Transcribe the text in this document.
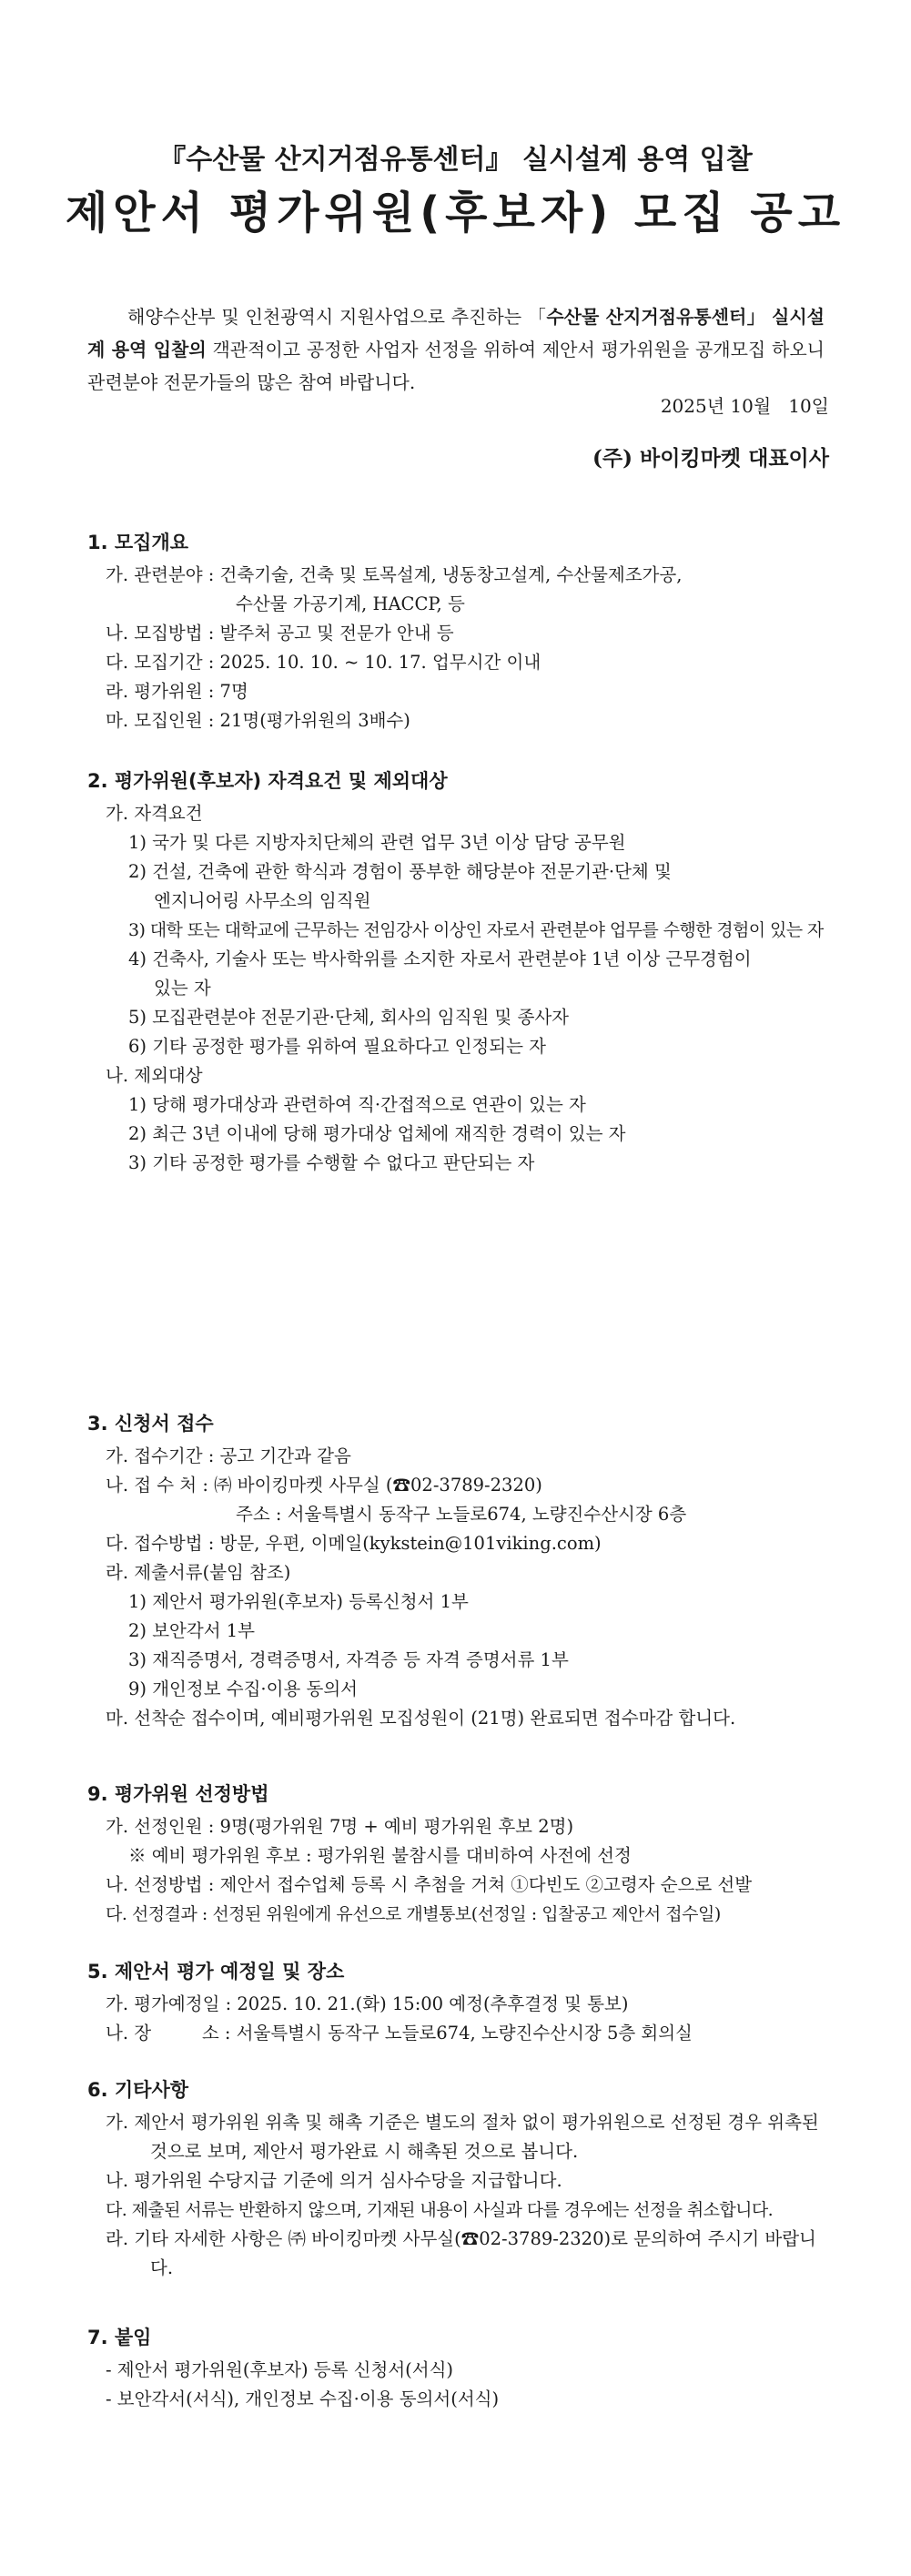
『수산물 산지거점유통센터』 실시설계 용역 입찰
제안서 평가위원(후보자) 모집 공고
해양수산부 및 인천광역시 지원사업으로 추진하는 「수산물 산지거점유통센터」 실시설계 용역 입찰의 객관적이고 공정한 사업자 선정을 위하여 제안서 평가위원을 공개모집 하오니 관련분야 전문가들의 많은 참여 바랍니다.
2025년 10월   10일
(주) 바이킹마켓 대표이사
1. 모집개요
가. 관련분야 : 건축기술, 건축 및 토목설계, 냉동창고설계, 수산물제조가공,
수산물 가공기계, HACCP, 등
나. 모집방법 : 발주처 공고 및 전문가 안내 등
다. 모집기간 : 2025. 10. 10. ~ 10. 17. 업무시간 이내
라. 평가위원 : 7명
마. 모집인원 : 21명(평가위원의 3배수)
2. 평가위원(후보자) 자격요건 및 제외대상
가. 자격요건
1) 국가 및 다른 지방자치단체의 관련 업무 3년 이상 담당 공무원
2) 건설, 건축에 관한 학식과 경험이 풍부한 해당분야 전문기관·단체 및
엔지니어링 사무소의 임직원
3) 대학 또는 대학교에 근무하는 전임강사 이상인 자로서 관련분야 업무를 수행한 경험이 있는 자
4) 건축사, 기술사 또는 박사학위를 소지한 자로서 관련분야 1년 이상 근무경험이
있는 자
5) 모집관련분야 전문기관·단체, 회사의 임직원 및 종사자
6) 기타 공정한 평가를 위하여 필요하다고 인정되는 자
나. 제외대상
1) 당해 평가대상과 관련하여 직·간접적으로 연관이 있는 자
2) 최근 3년 이내에 당해 평가대상 업체에 재직한 경력이 있는 자
3) 기타 공정한 평가를 수행할 수 없다고 판단되는 자
3. 신청서 접수
가. 접수기간 : 공고 기간과 같음
나. 접 수 처 : ㈜ 바이킹마켓 사무실 (☎02-3789-2320)
주소 : 서울특별시 동작구 노들로674, 노량진수산시장 6층
다. 접수방법 : 방문, 우편, 이메일(kykstein@101viking.com)
라. 제출서류(붙임 참조)
1) 제안서 평가위원(후보자) 등록신청서 1부
2) 보안각서 1부
3) 재직증명서, 경력증명서, 자격증 등 자격 증명서류 1부
9) 개인정보 수집·이용 동의서
마. 선착순 접수이며, 예비평가위원 모집성원이 (21명) 완료되면 접수마감 합니다.
9. 평가위원 선정방법
가. 선정인원 : 9명(평가위원 7명 + 예비 평가위원 후보 2명)
※ 예비 평가위원 후보 : 평가위원 불참시를 대비하여 사전에 선정
나. 선정방법 : 제안서 접수업체 등록 시 추첨을 거쳐 ①다빈도 ②고령자 순으로 선발
다. 선정결과 : 선정된 위원에게 유선으로 개별통보(선정일 : 입찰공고 제안서 접수일)
5. 제안서 평가 예정일 및 장소
가. 평가예정일 : 2025. 10. 21.(화) 15:00 예정(추후결정 및 통보)
나. 장         소 : 서울특별시 동작구 노들로674, 노량진수산시장 5층 회의실
6. 기타사항
가. 제안서 평가위원 위촉 및 해촉 기준은 별도의 절차 없이 평가위원으로 선정된 경우 위촉된 것으로 보며, 제안서 평가완료 시 해촉된 것으로 봅니다.
나. 평가위원 수당지급 기준에 의거 심사수당을 지급합니다.
다. 제출된 서류는 반환하지 않으며, 기재된 내용이 사실과 다를 경우에는 선정을 취소합니다.
라. 기타 자세한 사항은 ㈜ 바이킹마켓 사무실(☎02-3789-2320)로 문의하여 주시기 바랍니다.
7. 붙임
- 제안서 평가위원(후보자) 등록 신청서(서식)
- 보안각서(서식), 개인정보 수집·이용 동의서(서식)
